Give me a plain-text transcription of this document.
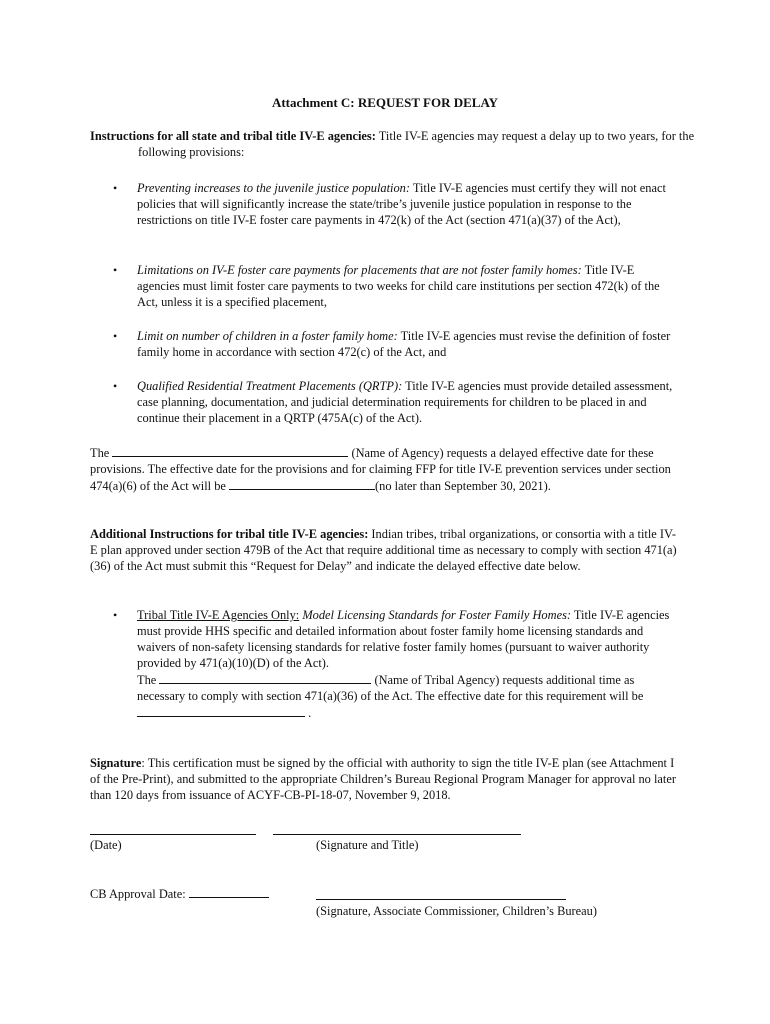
Attachment C: REQUEST FOR DELAY
Instructions for all state and tribal title IV-E agencies: Title IV-E agencies may request a delay up to two years, for the following provisions:
• Preventing increases to the juvenile justice population: Title IV-E agencies must certify they will not enact policies that will significantly increase the state/tribe’s juvenile justice population in response to the restrictions on title IV-E foster care payments in 472(k) of the Act (section 471(a)(37) of the Act),
• Limitations on IV-E foster care payments for placements that are not foster family homes: Title IV-E agencies must limit foster care payments to two weeks for child care institutions per section 472(k) of the Act, unless it is a specified placement,
• Limit on number of children in a foster family home: Title IV-E agencies must revise the definition of foster family home in accordance with section 472(c) of the Act, and
• Qualified Residential Treatment Placements (QRTP): Title IV-E agencies must provide detailed assessment, case planning, documentation, and judicial determination requirements for children to be placed in and continue their placement in a QRTP (475A(c) of the Act).
The	(Name of Agency) requests a delayed effective date for these provisions. The effective date for the provisions and for claiming FFP for title IV-E prevention services under section 474(a)(6) of the Act will be	(no later than September 30, 2021).
Additional Instructions for tribal title IV-E agencies: Indian tribes, tribal organizations, or consortia with a title IV-E plan approved under section 479B of the Act that require additional time as necessary to comply with section 471(a)(36) of the Act must submit this “Request for Delay” and indicate the delayed effective date below.
• Tribal Title IV-E Agencies Only: Model Licensing Standards for Foster Family Homes: Title IV-E agencies must provide HHS specific and detailed information about foster family home licensing standards and waivers of non-safety licensing standards for relative foster family homes (pursuant to waiver authority provided by 471(a)(10)(D) of the Act).
The	(Name of Tribal Agency) requests additional time as necessary to comply with section 471(a)(36) of the Act. The effective date for this requirement will be .
Signature: This certification must be signed by the official with authority to sign the title IV-E plan (see Attachment I of the Pre-Print), and submitted to the appropriate Children’s Bureau Regional Program Manager for approval no later than 120 days from issuance of ACYF-CB-PI-18-07, November 9, 2018.
(Date)	(Signature and Title)
CB Approval Date:
(Signature, Associate Commissioner, Children’s Bureau)
